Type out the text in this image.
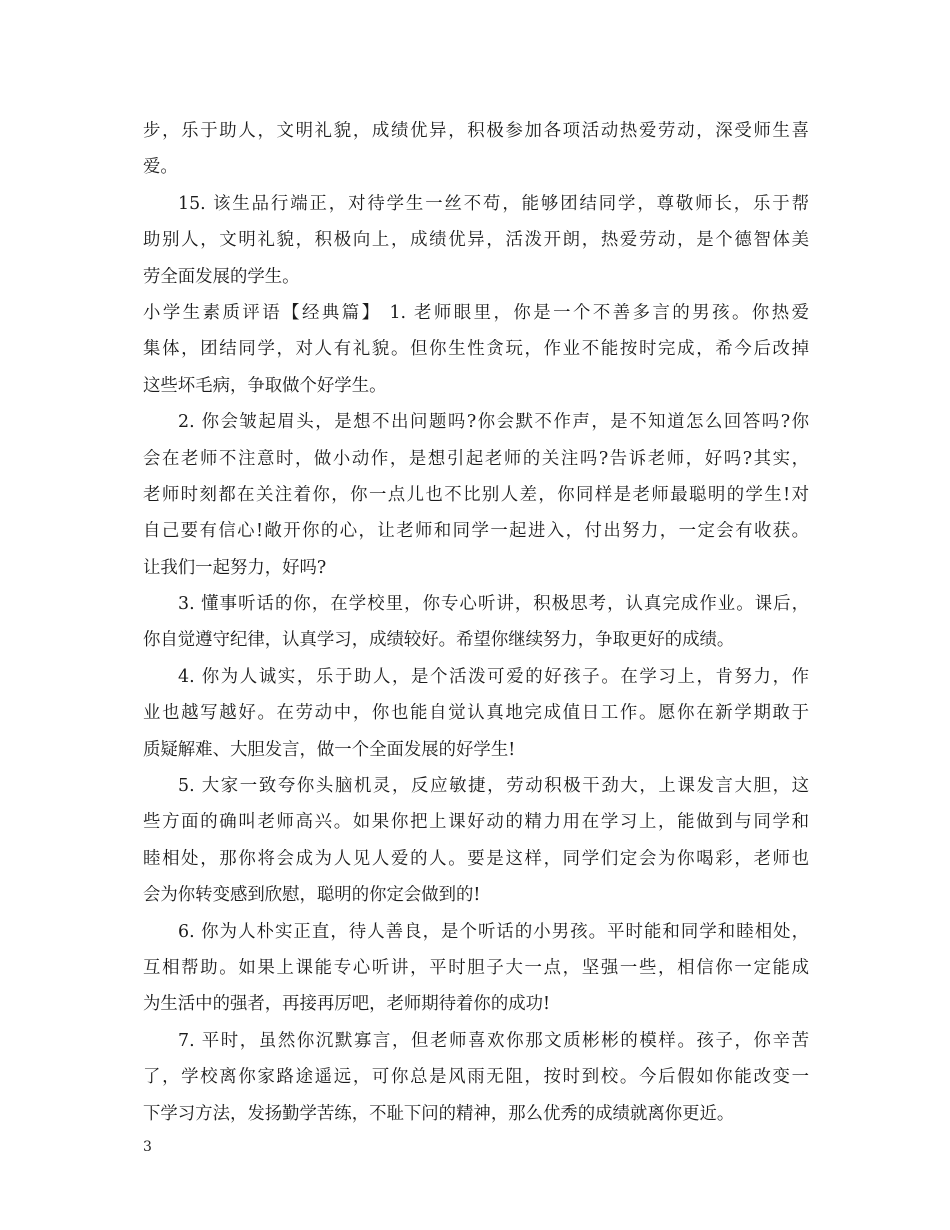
步，乐于助人，文明礼貌，成绩优异，积极参加各项活动热爱劳动，深受师生喜
爱。
15. 该生品行端正，对待学生一丝不苟，能够团结同学，尊敬师长，乐于帮
助别人，文明礼貌，积极向上，成绩优异，活泼开朗，热爱劳动，是个德智体美
劳全面发展的学生。
小学生素质评语【经典篇】 1. 老师眼里，你是一个不善多言的男孩。你热爱
集体，团结同学，对人有礼貌。但你生性贪玩，作业不能按时完成，希今后改掉
这些坏毛病，争取做个好学生。
2. 你会皱起眉头，是想不出问题吗?你会默不作声，是不知道怎么回答吗?你
会在老师不注意时，做小动作，是想引起老师的关注吗?告诉老师，好吗?其实，
老师时刻都在关注着你，你一点儿也不比别人差，你同样是老师最聪明的学生!对
自己要有信心!敞开你的心，让老师和同学一起进入，付出努力，一定会有收获。
让我们一起努力，好吗?
3. 懂事听话的你，在学校里，你专心听讲，积极思考，认真完成作业。课后，
你自觉遵守纪律，认真学习，成绩较好。希望你继续努力，争取更好的成绩。
4. 你为人诚实，乐于助人，是个活泼可爱的好孩子。在学习上，肯努力，作
业也越写越好。在劳动中，你也能自觉认真地完成值日工作。愿你在新学期敢于
质疑解难、大胆发言，做一个全面发展的好学生!
5. 大家一致夸你头脑机灵，反应敏捷，劳动积极干劲大，上课发言大胆，这
些方面的确叫老师高兴。如果你把上课好动的精力用在学习上，能做到与同学和
睦相处，那你将会成为人见人爱的人。要是这样，同学们定会为你喝彩，老师也
会为你转变感到欣慰，聪明的你定会做到的!
6. 你为人朴实正直，待人善良，是个听话的小男孩。平时能和同学和睦相处，
互相帮助。如果上课能专心听讲，平时胆子大一点，坚强一些，相信你一定能成
为生活中的强者，再接再厉吧，老师期待着你的成功!
7. 平时，虽然你沉默寡言，但老师喜欢你那文质彬彬的模样。孩子，你辛苦
了，学校离你家路途遥远，可你总是风雨无阻，按时到校。今后假如你能改变一
下学习方法，发扬勤学苦练，不耻下问的精神，那么优秀的成绩就离你更近。
3
